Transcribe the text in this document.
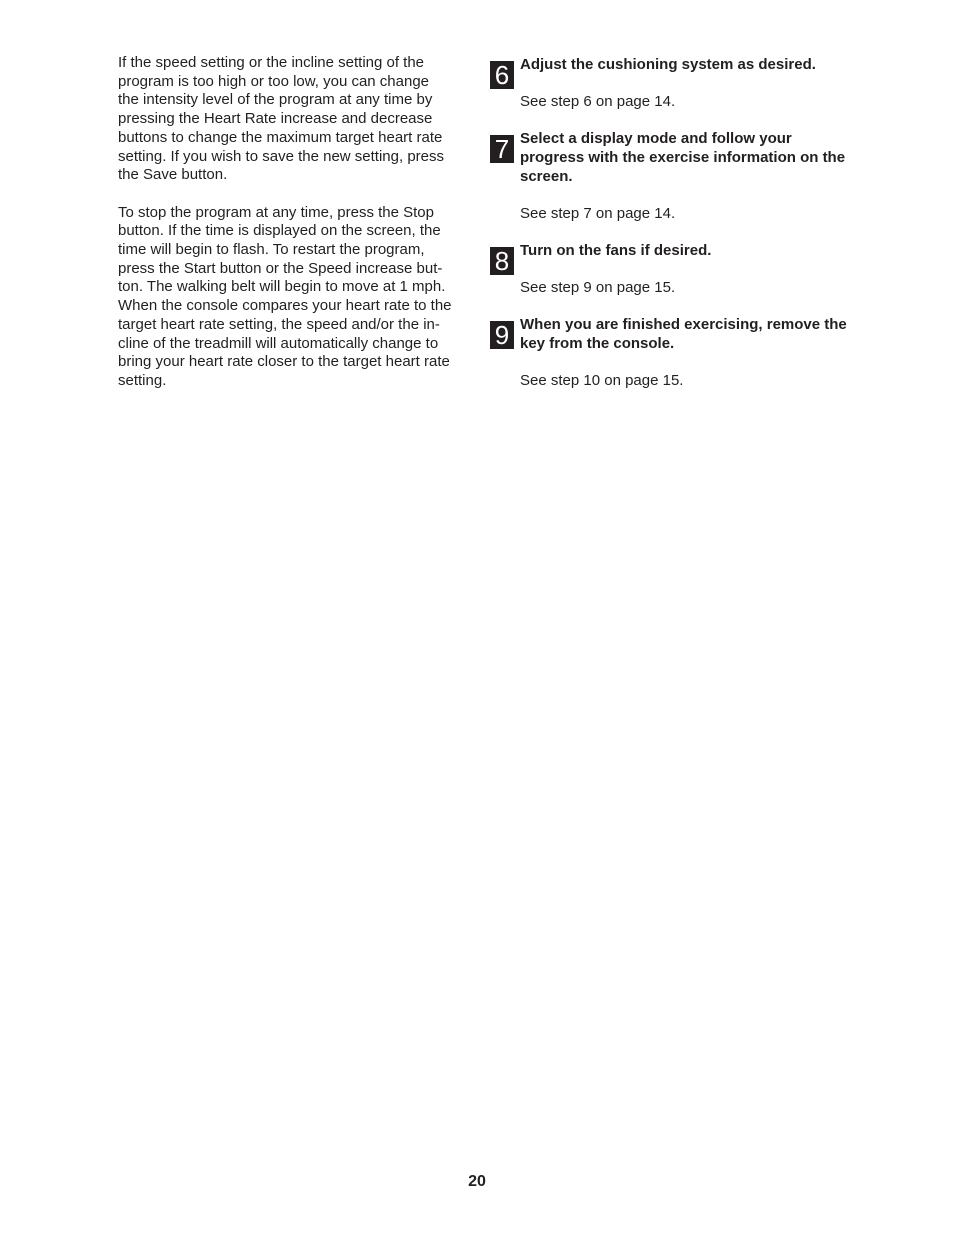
If the speed setting or the incline setting of the
program is too high or too low, you can change
the intensity level of the program at any time by
pressing the Heart Rate increase and decrease
buttons to change the maximum target heart rate
setting. If you wish to save the new setting, press
the Save button.

To stop the program at any time, press the Stop
button. If the time is displayed on the screen, the
time will begin to flash. To restart the program,
press the Start button or the Speed increase but-
ton. The walking belt will begin to move at 1 mph.
When the console compares your heart rate to the
target heart rate setting, the speed and/or the in-
cline of the treadmill will automatically change to
bring your heart rate closer to the target heart rate
setting.

6 Adjust the cushioning system as desired.

See step 6 on page 14.

7 Select a display mode and follow your
progress with the exercise information on the
screen.

See step 7 on page 14.

8 Turn on the fans if desired.

See step 9 on page 15.

9 When you are finished exercising, remove the
key from the console.

See step 10 on page 15.

20
